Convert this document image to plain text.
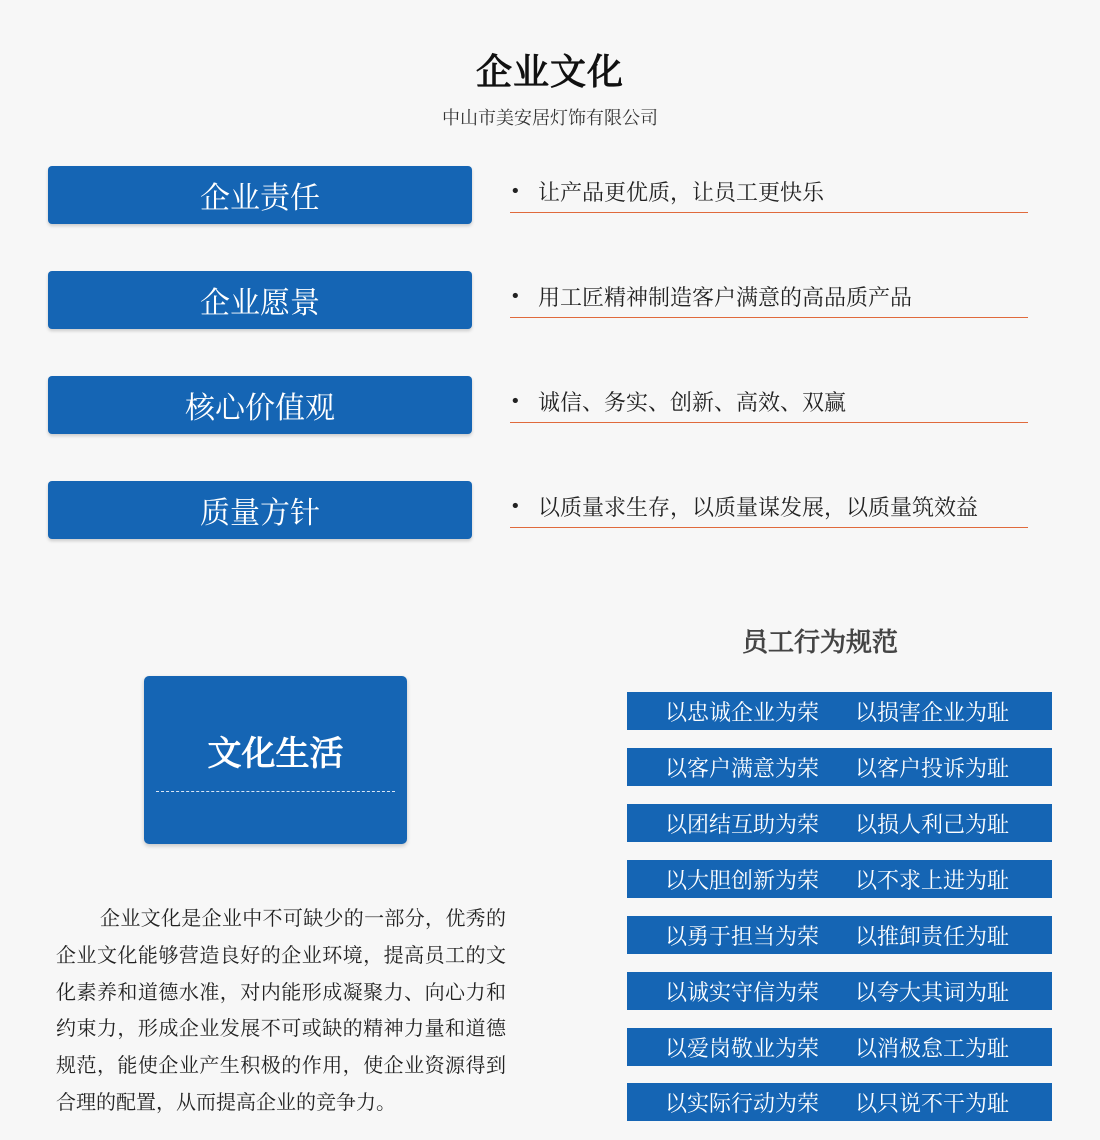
企业文化
中山市美安居灯饰有限公司
企业责任	• 让产品更优质，让员工更快乐
企业愿景	• 用工匠精神制造客户满意的高品质产品
核心价值观	• 诚信、务实、创新、高效、双赢
质量方针	• 以质量求生存，以质量谋发展，以质量筑效益
文化生活
企业文化是企业中不可缺少的一部分，优秀的企业文化能够营造良好的企业环境，提高员工的文化素养和道德水准，对内能形成凝聚力、向心力和约束力，形成企业发展不可或缺的精神力量和道德规范，能使企业产生积极的作用，使企业资源得到合理的配置，从而提高企业的竞争力。
员工行为规范
以忠诚企业为荣	以损害企业为耻
以客户满意为荣	以客户投诉为耻
以团结互助为荣	以损人利己为耻
以大胆创新为荣	以不求上进为耻
以勇于担当为荣	以推卸责任为耻
以诚实守信为荣	以夸大其词为耻
以爱岗敬业为荣	以消极怠工为耻
以实际行动为荣	以只说不干为耻
